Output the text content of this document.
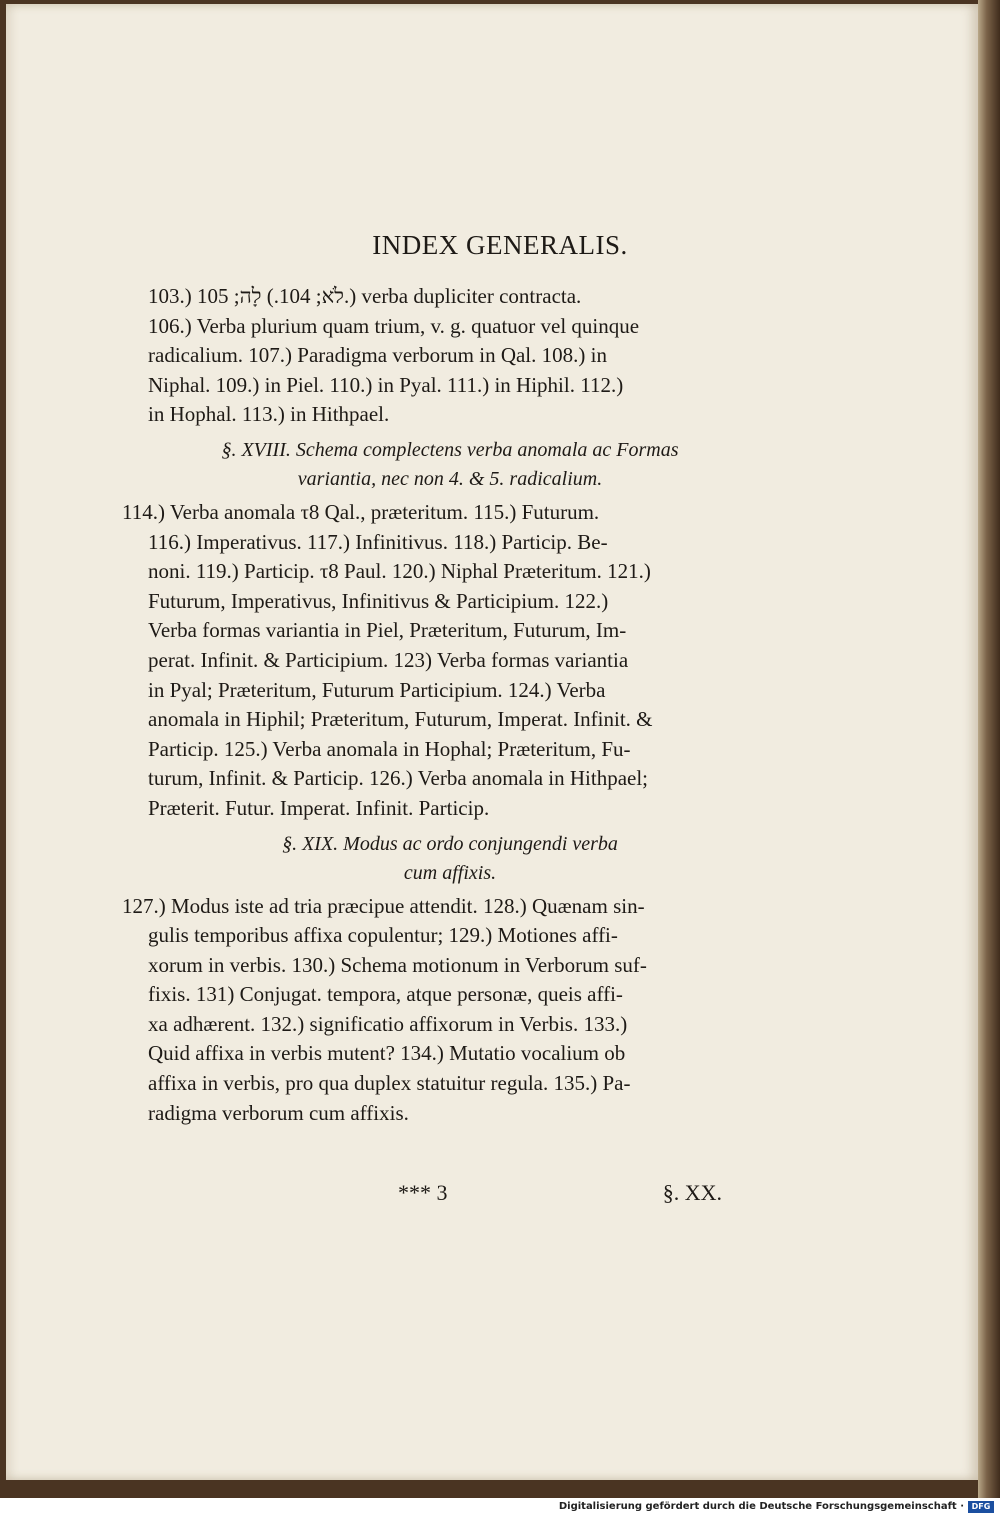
INDEX GENERALIS.

103.) לֹא; 104.) לָה; 105.) verba dupliciter contracta.

106.) Verba plurium quam trium, v. g. quatuor vel quinque

radicalium. 107.) Paradigma verborum in Qal. 108.) in

Niphal. 109.) in Piel. 110.) in Pyal. 111.) in Hiphil. 112.)

in Hophal. 113.) in Hithpael.

§. XVIII. Schema complectens verba anomala ac Formas
variantia, nec non 4. & 5. radicalium.

114.) Verba anomala τ8 Qal., præteritum. 115.) Futurum.

116.) Imperativus. 117.) Infinitivus. 118.) Particip. Be-

noni. 119.) Particip. τ8 Paul. 120.) Niphal Præteritum. 121.)

Futurum, Imperativus, Infinitivus & Participium. 122.)

Verba formas variantia in Piel, Præteritum, Futurum, Im-

perat. Infinit. & Participium. 123) Verba formas variantia

in Pyal; Præteritum, Futurum Participium. 124.) Verba

anomala in Hiphil; Præteritum, Futurum, Imperat. Infinit. &

Particip. 125.) Verba anomala in Hophal; Præteritum, Fu-

turum, Infinit. & Particip. 126.) Verba anomala in Hithpael;

Præterit. Futur. Imperat. Infinit. Particip.

§. XIX. Modus ac ordo conjungendi verba
cum affixis.

127.) Modus iste ad tria præcipue attendit. 128.) Quænam sin-

gulis temporibus affixa copulentur; 129.) Motiones affi-

xorum in verbis. 130.) Schema motionum in Verborum suf-

fixis. 131) Conjugat. tempora, atque personæ, queis affi-

xa adhærent. 132.) significatio affixorum in Verbis. 133.)

Quid affixa in verbis mutent? 134.) Mutatio vocalium ob

affixa in verbis, pro qua duplex statuitur regula. 135.) Pa-

radigma verborum cum affixis.

*** 3	§. XX.
Digitalisierung gefördert durch die Deutsche Forschungsgemeinschaft · DFG
